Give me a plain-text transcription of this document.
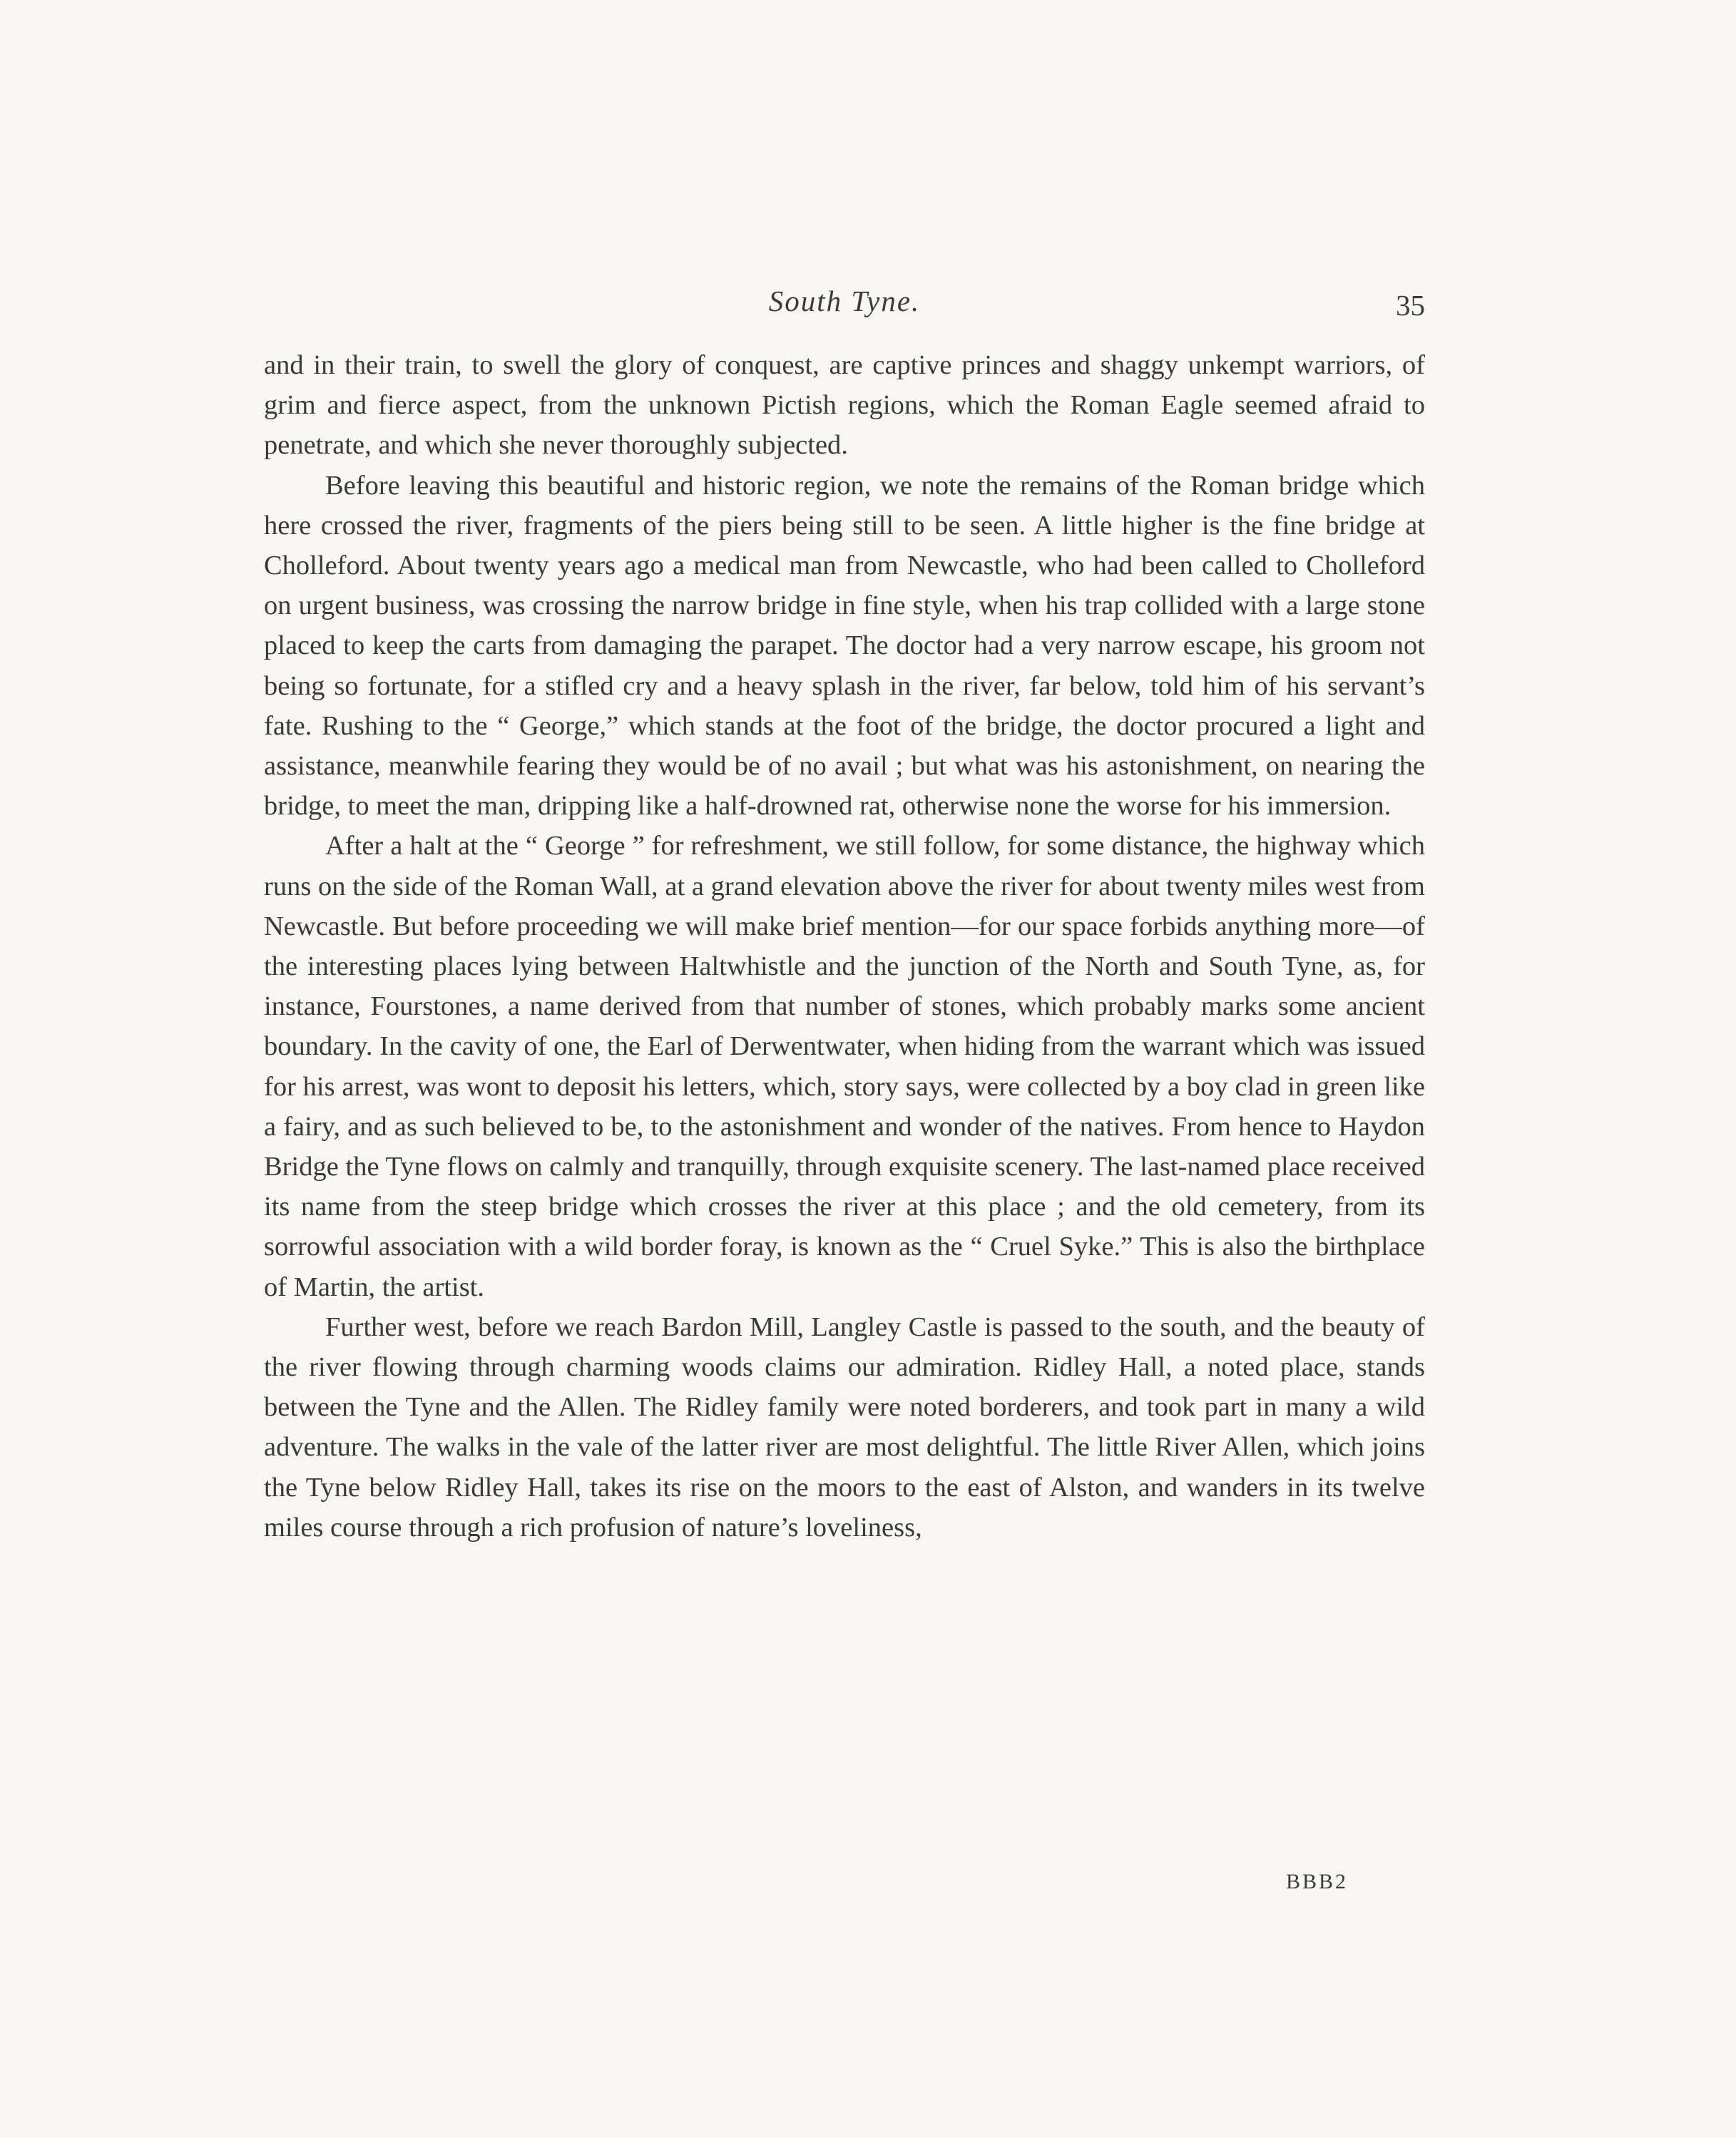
South Tyne.	35

and in their train, to swell the glory of conquest, are captive princes and shaggy unkempt warriors, of grim and fierce aspect, from the unknown Pictish regions, which the Roman Eagle seemed afraid to penetrate, and which she never thoroughly subjected.

Before leaving this beautiful and historic region, we note the remains of the Roman bridge which here crossed the river, fragments of the piers being still to be seen. A little higher is the fine bridge at Cholleford. About twenty years ago a medical man from Newcastle, who had been called to Cholleford on urgent business, was crossing the narrow bridge in fine style, when his trap collided with a large stone placed to keep the carts from damaging the parapet. The doctor had a very narrow escape, his groom not being so fortunate, for a stifled cry and a heavy splash in the river, far below, told him of his servant’s fate. Rushing to the “ George,” which stands at the foot of the bridge, the doctor procured a light and assistance, meanwhile fearing they would be of no avail ; but what was his astonishment, on nearing the bridge, to meet the man, dripping like a half-drowned rat, otherwise none the worse for his immersion.

After a halt at the “ George ” for refreshment, we still follow, for some distance, the highway which runs on the side of the Roman Wall, at a grand elevation above the river for about twenty miles west from Newcastle. But before proceeding we will make brief mention—for our space forbids anything more—of the interesting places lying between Haltwhistle and the junction of the North and South Tyne, as, for instance, Fourstones, a name derived from that number of stones, which probably marks some ancient boundary. In the cavity of one, the Earl of Derwentwater, when hiding from the warrant which was issued for his arrest, was wont to deposit his letters, which, story says, were collected by a boy clad in green like a fairy, and as such believed to be, to the astonishment and wonder of the natives. From hence to Haydon Bridge the Tyne flows on calmly and tranquilly, through exquisite scenery. The last-named place received its name from the steep bridge which crosses the river at this place ; and the old cemetery, from its sorrowful association with a wild border foray, is known as the “ Cruel Syke.” This is also the birthplace of Martin, the artist.

Further west, before we reach Bardon Mill, Langley Castle is passed to the south, and the beauty of the river flowing through charming woods claims our admiration. Ridley Hall, a noted place, stands between the Tyne and the Allen. The Ridley family were noted borderers, and took part in many a wild adventure. The walks in the vale of the latter river are most delightful. The little River Allen, which joins the Tyne below Ridley Hall, takes its rise on the moors to the east of Alston, and wanders in its twelve miles course through a rich profusion of nature’s loveliness,

BBB2
